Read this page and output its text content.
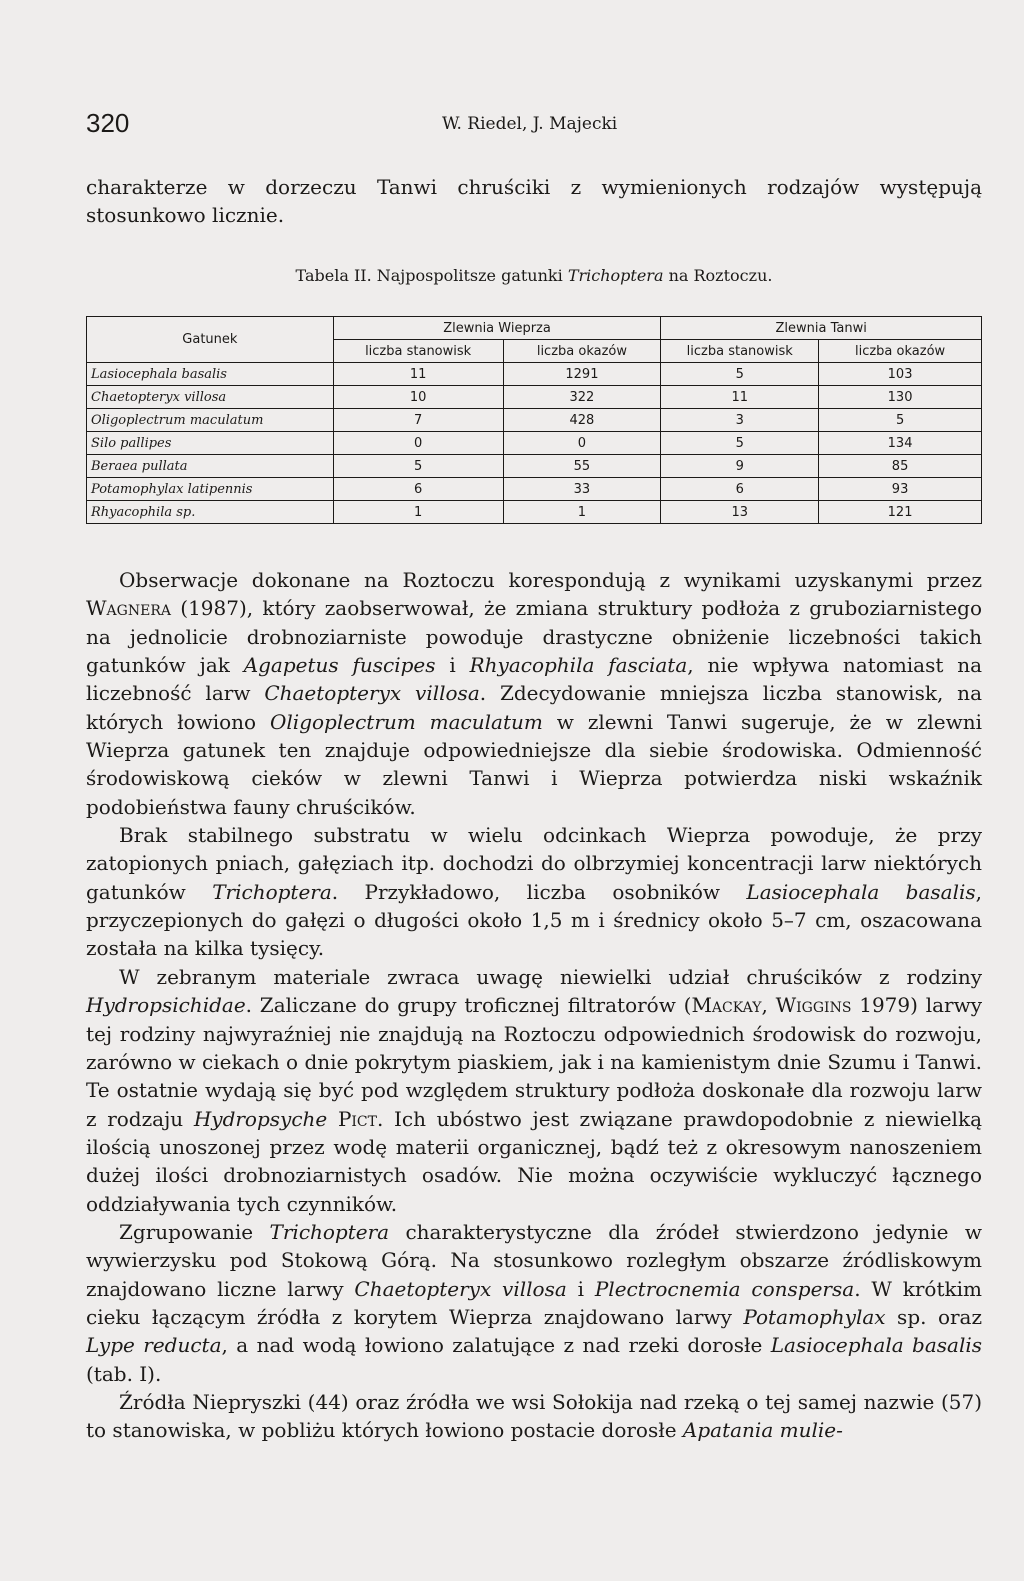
320	W. Riedel, J. Majecki

charakterze w dorzeczu Tanwi chruściki z wymienionych rodzajów występują stosunkowo licznie.

Tabela II. Najpospolitsze gatunki Trichoptera na Roztoczu.
Gatunek	Zlewnia Wieprza		Zlewnia Tanwi	
	liczba stanowisk	liczba okazów	liczba stanowisk	liczba okazów
Lasiocephala basalis	11	1291	5	103
Chaetopteryx villosa	10	322	11	130
Oligoplectrum maculatum	7	428	3	5
Silo pallipes	0	0	5	134
Beraea pullata	5	55	9	85
Potamophylax latipennis	6	33	6	93
Rhyacophila sp.	1	1	13	121

Obserwacje dokonane na Roztoczu korespondują z wynikami uzyskanymi przez Wagnera (1987), który zaobserwował, że zmiana struktury podłoża z gruboziarnistego na jednolicie drobnoziarniste powoduje drastyczne obniżenie liczebności takich gatunków jak Agapetus fuscipes i Rhyacophila fasciata, nie wpływa natomiast na liczebność larw Chaetopteryx villosa. Zdecydowanie mniejsza liczba stanowisk, na których łowiono Oligoplectrum maculatum w zlewni Tanwi sugeruje, że w zlewni Wieprza gatunek ten znajduje odpowiedniejsze dla siebie środowiska. Odmienność środowiskową cieków w zlewni Tanwi i Wieprza potwierdza niski wskaźnik podobieństwa fauny chruścików.

Brak stabilnego substratu w wielu odcinkach Wieprza powoduje, że przy zatopionych pniach, gałęziach itp. dochodzi do olbrzymiej koncentracji larw niektórych gatunków Trichoptera. Przykładowo, liczba osobników Lasiocephala basalis, przyczepionych do gałęzi o długości około 1,5 m i średnicy około 5–7 cm, oszacowana została na kilka tysięcy.

W zebranym materiale zwraca uwagę niewielki udział chruścików z rodziny Hydropsichidae. Zaliczane do grupy troficznej filtratorów (Mackay, Wiggins 1979) larwy tej rodziny najwyraźniej nie znajdują na Roztoczu odpowiednich środowisk do rozwoju, zarówno w ciekach o dnie pokrytym piaskiem, jak i na kamienistym dnie Szumu i Tanwi. Te ostatnie wydają się być pod względem struktury podłoża doskonałe dla rozwoju larw z rodzaju Hydropsyche Pict. Ich ubóstwo jest związane prawdopodobnie z niewielką ilością unoszonej przez wodę materii organicznej, bądź też z okresowym nanoszeniem dużej ilości drobnoziarnistych osadów. Nie można oczywiście wykluczyć łącznego oddziaływania tych czynników.

Zgrupowanie Trichoptera charakterystyczne dla źródeł stwierdzono jedynie w wywierzysku pod Stokową Górą. Na stosunkowo rozległym obszarze źródliskowym znajdowano liczne larwy Chaetopteryx villosa i Plectrocnemia conspersa. W krótkim cieku łączącym źródła z korytem Wieprza znajdowano larwy Potamophylax sp. oraz Lype reducta, a nad wodą łowiono zalatujące z nad rzeki dorosłe Lasiocephala basalis (tab. I).

Źródła Niepryszki (44) oraz źródła we wsi Sołokija nad rzeką o tej samej nazwie (57) to stanowiska, w pobliżu których łowiono postacie dorosłe Apatania mulie-
